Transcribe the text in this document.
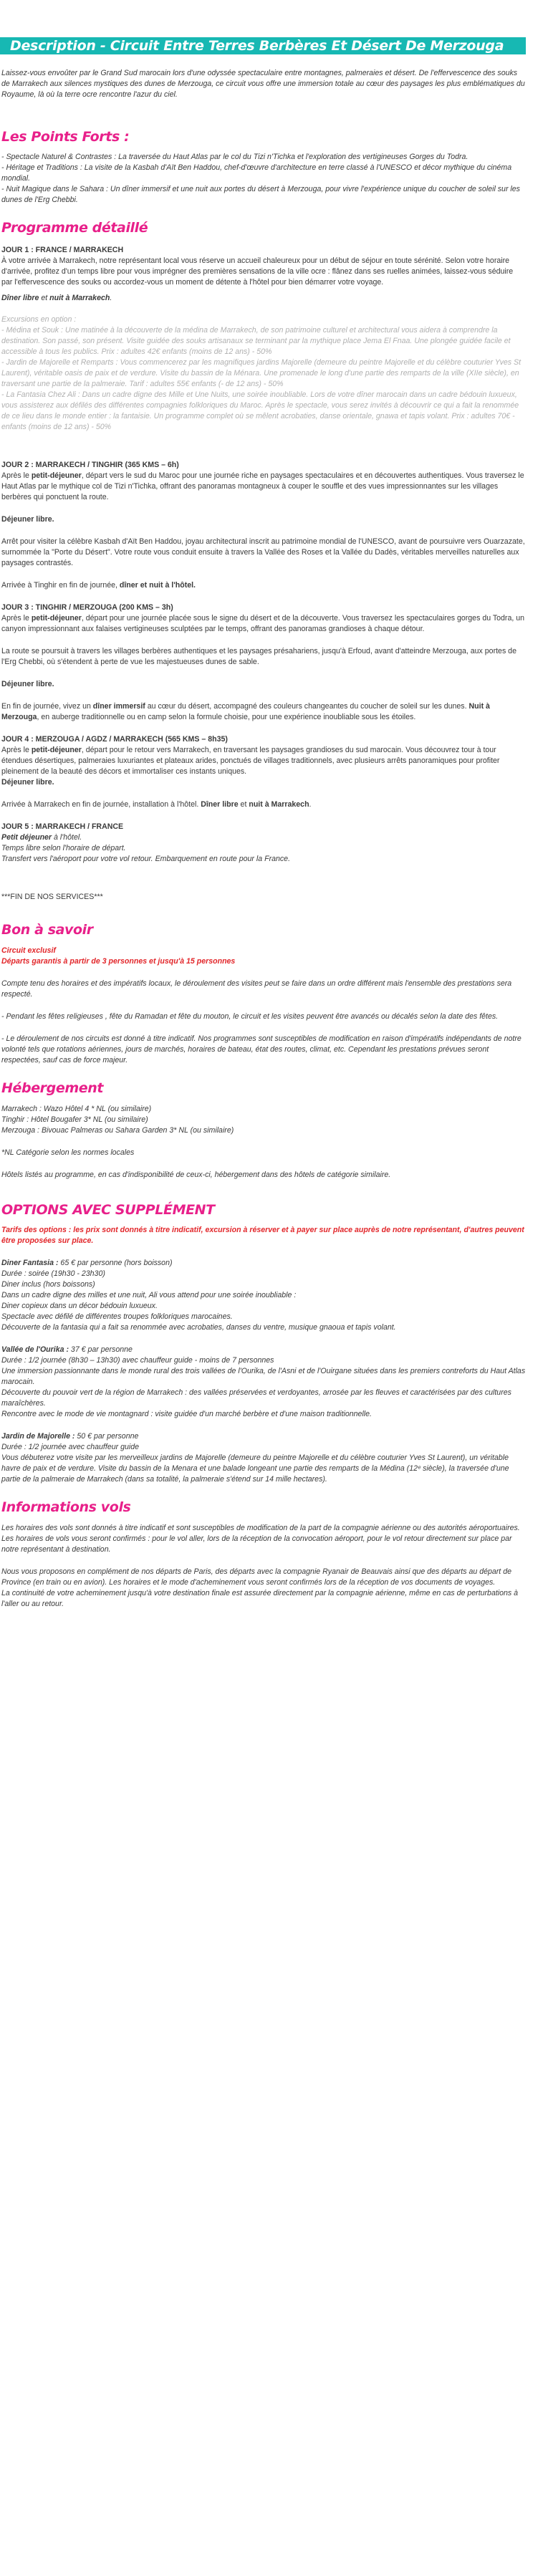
Description - Circuit Entre Terres Berbères Et Désert De Merzouga

Laissez-vous envoûter par le Grand Sud marocain lors d'une odyssée spectaculaire entre montagnes, palmeraies et désert. De l'effervescence des souks de Marrakech aux silences mystiques des dunes de Merzouga, ce circuit vous offre une immersion totale au cœur des paysages les plus emblématiques du Royaume, là où la terre ocre rencontre l'azur du ciel.

Les Points Forts :

- Spectacle Naturel & Contrastes : La traversée du Haut Atlas par le col du Tizi n'Tichka et l'exploration des vertigineuses Gorges du Todra.

- Héritage et Traditions : La visite de la Kasbah d'Aït Ben Haddou, chef-d'œuvre d'architecture en terre classé à l'UNESCO et décor mythique du cinéma mondial.

- Nuit Magique dans le Sahara : Un dîner immersif et une nuit aux portes du désert à Merzouga, pour vivre l'expérience unique du coucher de soleil sur les dunes de l'Erg Chebbi.

Programme détaillé

JOUR 1 : FRANCE / MARRAKECH

À votre arrivée à Marrakech, notre représentant local vous réserve un accueil chaleureux pour un début de séjour en toute sérénité. Selon votre horaire d'arrivée, profitez d'un temps libre pour vous imprégner des premières sensations de la ville ocre : flânez dans ses ruelles animées, laissez-vous séduire par l'effervescence des souks ou accordez-vous un moment de détente à l'hôtel pour bien démarrer votre voyage.

Dîner libre et nuit à Marrakech.

Excursions en option :

- Médina et Souk : Une matinée à la découverte de la médina de Marrakech, de son patrimoine culturel et architectural vous aidera à comprendre la destination. Son passé, son présent. Visite guidée des souks artisanaux se terminant par la mythique place Jema El Fnaa. Une plongée guidée facile et accessible à tous les publics. Prix : adultes 42€ enfants (moins de 12 ans) - 50%

- Jardin de Majorelle et Remparts : Vous commencerez par les magnifiques jardins Majorelle (demeure du peintre Majorelle et du célèbre couturier Yves St Laurent), véritable oasis de paix et de verdure. Visite du bassin de la Ménara. Une promenade le long d'une partie des remparts de la ville (XIIe siècle), en traversant une partie de la palmeraie. Tarif : adultes 55€ enfants (- de 12 ans) - 50%

- La Fantasia Chez Ali : Dans un cadre digne des Mille et Une Nuits, une soirée inoubliable. Lors de votre dîner marocain dans un cadre bédouin luxueux, vous assisterez aux défilés des différentes compagnies folkloriques du Maroc. Après le spectacle, vous serez invités à découvrir ce qui a fait la renommée de ce lieu dans le monde entier : la fantaisie. Un programme complet où se mêlent acrobaties, danse orientale, gnawa et tapis volant. Prix : adultes 70€ - enfants (moins de 12 ans) - 50%

JOUR 2 : MARRAKECH / TINGHIR (365 KMS – 6h)

Après le petit-déjeuner, départ vers le sud du Maroc pour une journée riche en paysages spectaculaires et en découvertes authentiques. Vous traversez le Haut Atlas par le mythique col de Tizi n'Tichka, offrant des panoramas montagneux à couper le souffle et des vues impressionnantes sur les villages berbères qui ponctuent la route.

Déjeuner libre.

Arrêt pour visiter la célèbre Kasbah d'Aït Ben Haddou, joyau architectural inscrit au patrimoine mondial de l'UNESCO, avant de poursuivre vers Ouarzazate, surnommée la "Porte du Désert". Votre route vous conduit ensuite à travers la Vallée des Roses et la Vallée du Dadès, véritables merveilles naturelles aux paysages contrastés.

Arrivée à Tinghir en fin de journée, dîner et nuit à l'hôtel.

JOUR 3 : TINGHIR / MERZOUGA (200 KMS – 3h)

Après le petit-déjeuner, départ pour une journée placée sous le signe du désert et de la découverte. Vous traversez les spectaculaires gorges du Todra, un canyon impressionnant aux falaises vertigineuses sculptées par le temps, offrant des panoramas grandioses à chaque détour.

La route se poursuit à travers les villages berbères authentiques et les paysages présahariens, jusqu'à Erfoud, avant d'atteindre Merzouga, aux portes de l'Erg Chebbi, où s'étendent à perte de vue les majestueuses dunes de sable.

Déjeuner libre.

En fin de journée, vivez un dîner immersif au cœur du désert, accompagné des couleurs changeantes du coucher de soleil sur les dunes. Nuit à Merzouga, en auberge traditionnelle ou en camp selon la formule choisie, pour une expérience inoubliable sous les étoiles.

JOUR 4 : MERZOUGA / AGDZ / MARRAKECH (565 KMS – 8h35)

Après le petit-déjeuner, départ pour le retour vers Marrakech, en traversant les paysages grandioses du sud marocain. Vous découvrez tour à tour étendues désertiques, palmeraies luxuriantes et plateaux arides, ponctués de villages traditionnels, avec plusieurs arrêts panoramiques pour profiter pleinement de la beauté des décors et immortaliser ces instants uniques.

Déjeuner libre.

Arrivée à Marrakech en fin de journée, installation à l'hôtel. Dîner libre et nuit à Marrakech.

JOUR 5 : MARRAKECH / FRANCE

Petit déjeuner à l'hôtel.

Temps libre selon l'horaire de départ.

Transfert vers l'aéroport pour votre vol retour. Embarquement en route pour la France.

***FIN DE NOS SERVICES***

Bon à savoir

Circuit exclusif

Départs garantis à partir de 3 personnes et jusqu'à 15 personnes

Compte tenu des horaires et des impératifs locaux, le déroulement des visites peut se faire dans un ordre différent mais l'ensemble des prestations sera respecté.

- Pendant les fêtes religieuses , fête du Ramadan et fête du mouton, le circuit et les visites peuvent être avancés ou décalés selon la date des fêtes.

- Le déroulement de nos circuits est donné à titre indicatif. Nos programmes sont susceptibles de modification en raison d'impératifs indépendants de notre volonté tels que rotations aériennes, jours de marchés, horaires de bateau, état des routes, climat, etc. Cependant les prestations prévues seront respectées, sauf cas de force majeur.

Hébergement

Marrakech : Wazo Hôtel 4 * NL (ou similaire)

Tinghir : Hôtel Bougafer 3* NL (ou similaire)

Merzouga : Bivouac Palmeras ou Sahara Garden 3* NL (ou similaire)

*NL Catégorie selon les normes locales

Hôtels listés au programme, en cas d'indisponibilité de ceux-ci, hébergement dans des hôtels de catégorie similaire.

OPTIONS AVEC SUPPLÉMENT

Tarifs des options : les prix sont donnés à titre indicatif, excursion à réserver et à payer sur place auprès de notre représentant, d'autres peuvent être proposées sur place.

Diner Fantasia : 65 € par personne (hors boisson)

Durée : soirée (19h30 - 23h30)

Diner inclus (hors boissons)

Dans un cadre digne des milles et une nuit, Ali vous attend pour une soirée inoubliable :

Diner copieux dans un décor bédouin luxueux.

Spectacle avec défilé de différentes troupes folkloriques marocaines.

Découverte de la fantasia qui a fait sa renommée avec acrobaties, danses du ventre, musique gnaoua et tapis volant.

Vallée de l'Ourika : 37 € par personne

Durée : 1/2 journée (8h30 – 13h30) avec chauffeur guide - moins de 7 personnes

Une immersion passionnante dans le monde rural des trois vallées de l'Ourika, de l'Asni et de l'Ouirgane situées dans les premiers contreforts du Haut Atlas marocain.

Découverte du pouvoir vert de la région de Marrakech : des vallées préservées et verdoyantes, arrosée par les fleuves et caractérisées par des cultures maraîchères.

Rencontre avec le mode de vie montagnard : visite guidée d'un marché berbère et d'une maison traditionnelle.

Jardin de Majorelle : 50 € par personne

Durée : 1/2 journée avec chauffeur guide

Vous débuterez votre visite par les merveilleux jardins de Majorelle (demeure du peintre Majorelle et du célèbre couturier Yves St Laurent), un véritable havre de paix et de verdure. Visite du bassin de la Menara et une balade longeant une partie des remparts de la Médina (12ᵉ siècle), la traversée d'une partie de la palmeraie de Marrakech (dans sa totalité, la palmeraie s'étend sur 14 mille hectares).

Informations vols

Les horaires des vols sont donnés à titre indicatif et sont susceptibles de modification de la part de la compagnie aérienne ou des autorités aéroportuaires.

Les horaires de vols vous seront confirmés : pour le vol aller, lors de la réception de la convocation aéroport, pour le vol retour directement sur place par notre représentant à destination.

Nous vous proposons en complément de nos départs de Paris, des départs avec la compagnie Ryanair de Beauvais ainsi que des départs au départ de Province (en train ou en avion). Les horaires et le mode d'acheminement vous seront confirmés lors de la réception de vos documents de voyages.

La continuité de votre acheminement jusqu'à votre destination finale est assurée directement par la compagnie aérienne, même en cas de perturbations à l'aller ou au retour.
